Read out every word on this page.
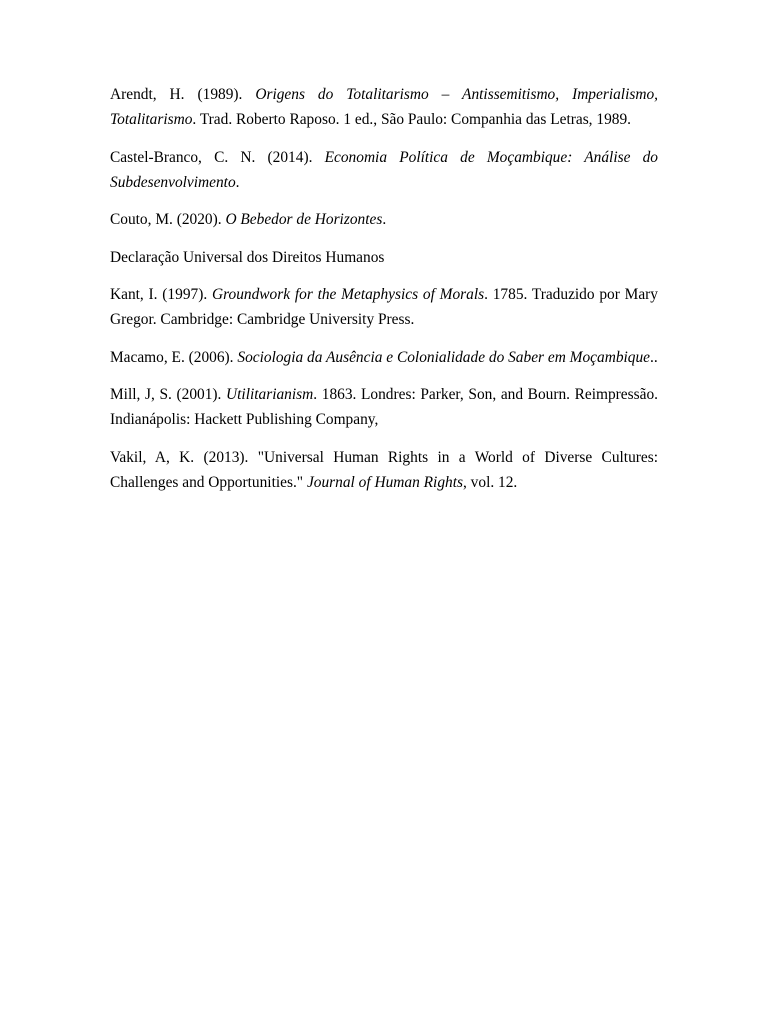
Arendt, H. (1989). Origens do Totalitarismo – Antissemitismo, Imperialismo, Totalitarismo. Trad. Roberto Raposo. 1 ed., São Paulo: Companhia das Letras, 1989.

Castel-Branco, C. N. (2014). Economia Política de Moçambique: Análise do Subdesenvolvimento.

Couto, M. (2020). O Bebedor de Horizontes.

Declaração Universal dos Direitos Humanos

Kant, I. (1997). Groundwork for the Metaphysics of Morals. 1785. Traduzido por Mary Gregor. Cambridge: Cambridge University Press.

Macamo, E. (2006). Sociologia da Ausência e Colonialidade do Saber em Moçambique..

Mill, J, S. (2001). Utilitarianism. 1863. Londres: Parker, Son, and Bourn. Reimpressão. Indianápolis: Hackett Publishing Company,

Vakil, A, K. (2013). "Universal Human Rights in a World of Diverse Cultures: Challenges and Opportunities." Journal of Human Rights, vol. 12.
